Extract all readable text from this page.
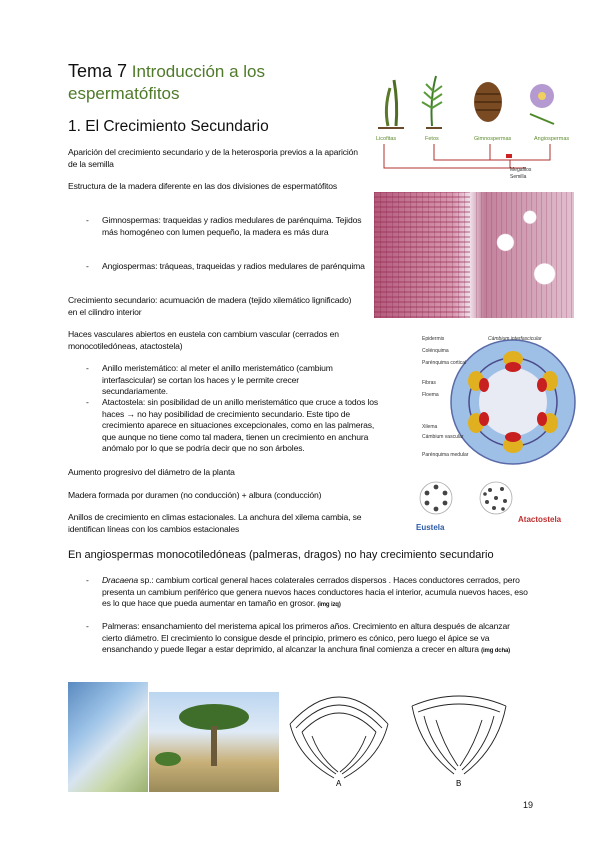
Tema 7 Introducción a los espermatófitos
1. El Crecimiento Secundario
Aparición del crecimiento secundario y de la heterosporia previos a la aparición de la semilla
Estructura de la madera diferente en las dos divisiones de espermatófitos
- Gimnospermas: traqueidas y radios medulares de parénquima. Tejidos más homogéneo con lumen pequeño, la madera es más dura
- Angiospermas: tráqueas, traqueidas y radios medulares de parénquima
Crecimiento secundario: acumuación de madera (tejido xilemático lignificado) en el cilindro interior
Haces vasculares abiertos en eustela con cambium vascular (cerrados en monocotiledóneas, atactostela)
- Anillo meristemático: al meter el anillo meristemático (cambium interfascicular) se cortan los haces y le permite crecer secundariamente.
- Atactostela: sin posibilidad de un anillo meristemático que cruce a todos los haces → no hay posibilidad de crecimiento secundario. Este tipo de crecimiento aparece en situaciones excepcionales, como en las palmeras, que aunque no tiene como tal madera, tienen un crecimiento en anchura anómalo por lo que se podría decir que no son árboles.
Aumento progresivo del diámetro de la planta
Madera formada por duramen (no conducción) + albura (conducción)
Anillos de crecimiento en climas estacionales. La anchura del xilema cambia, se identifican líneas con los cambios estacionales
En angiospermas monocotiledóneas (palmeras, dragos) no hay crecimiento secundario
- Dracaena sp.: cambium cortical general haces colaterales cerrados dispersos . Haces conductores cerrados, pero presenta un cambium periférico que genera nuevos haces conductores hacia el interior, acumula nuevos haces, eso es lo que hace que pueda aumentar en tamaño en grosor. (img izq)
- Palmeras: ensanchamiento del meristema apical los primeros años. Crecimiento en altura después de alcanzar cierto diámetro. El crecimiento lo consigue desde el principio, primero es cónico, pero luego el ápice se va ensanchando y puede llegar a estar deprimido, al alcanzar la anchura final comienza a crecer en altura (img dcha)
Licofitas	Fetos	Gimnospermas	Angiospermas
Megafilos
Semilla
Epidermis
Colénquima
Parénquima cortical
Fibras
Floema
Xilema
Cámbium vascular
Parénquima medular
Cámbium interfascicular
Eustela
Atactostela
A	B
19
